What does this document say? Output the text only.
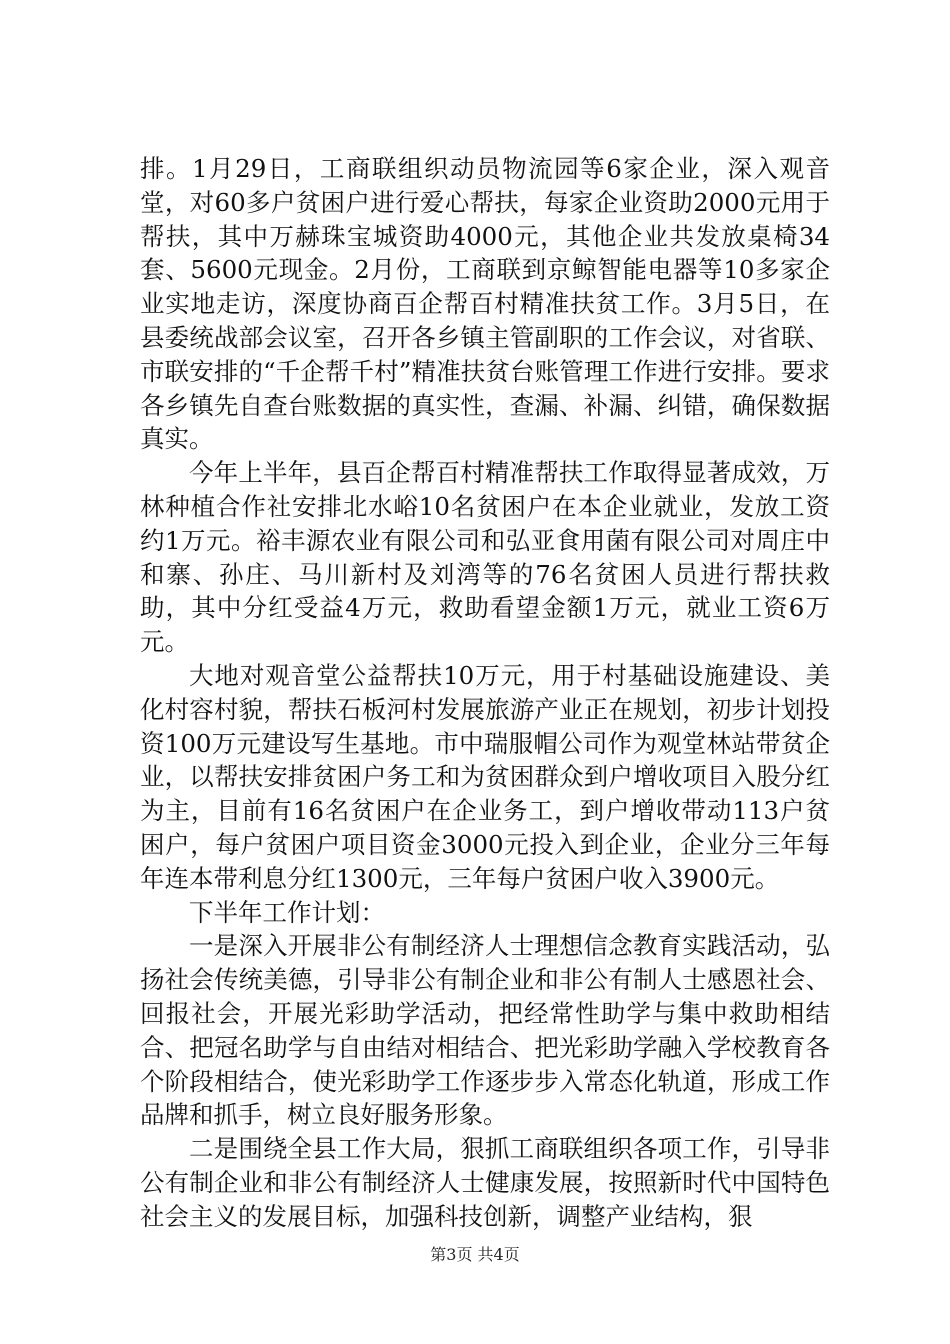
排。1月29日，工商联组织动员物流园等6家企业，深入观音堂，对60多户贫困户进行爱心帮扶，每家企业资助2000元用于帮扶，其中万赫珠宝城资助4000元，其他企业共发放桌椅34套、5600元现金。2月份，工商联到京鲸智能电器等10多家企业实地走访，深度协商百企帮百村精准扶贫工作。3月5日，在县委统战部会议室，召开各乡镇主管副职的工作会议，对省联、市联安排的“千企帮千村”精准扶贫台账管理工作进行安排。要求各乡镇先自查台账数据的真实性，查漏、补漏、纠错，确保数据真实。

今年上半年，县百企帮百村精准帮扶工作取得显著成效，万林种植合作社安排北水峪10名贫困户在本企业就业，发放工资约1万元。裕丰源农业有限公司和弘亚食用菌有限公司对周庄中和寨、孙庄、马川新村及刘湾等的76名贫困人员进行帮扶救助，其中分红受益4万元，救助看望金额1万元，就业工资6万元。

大地对观音堂公益帮扶10万元，用于村基础设施建设、美化村容村貌，帮扶石板河村发展旅游产业正在规划，初步计划投资100万元建设写生基地。市中瑞服帽公司作为观堂林站带贫企业，以帮扶安排贫困户务工和为贫困群众到户增收项目入股分红为主，目前有16名贫困户在企业务工，到户增收带动113户贫困户，每户贫困户项目资金3000元投入到企业，企业分三年每年连本带利息分红1300元，三年每户贫困户收入3900元。

下半年工作计划：

一是深入开展非公有制经济人士理想信念教育实践活动，弘扬社会传统美德，引导非公有制企业和非公有制人士感恩社会、回报社会，开展光彩助学活动，把经常性助学与集中救助相结合、把冠名助学与自由结对相结合、把光彩助学融入学校教育各个阶段相结合，使光彩助学工作逐步步入常态化轨道，形成工作品牌和抓手，树立良好服务形象。

二是围绕全县工作大局，狠抓工商联组织各项工作，引导非公有制企业和非公有制经济人士健康发展，按照新时代中国特色社会主义的发展目标，加强科技创新，调整产业结构，狠

第3页 共4页
